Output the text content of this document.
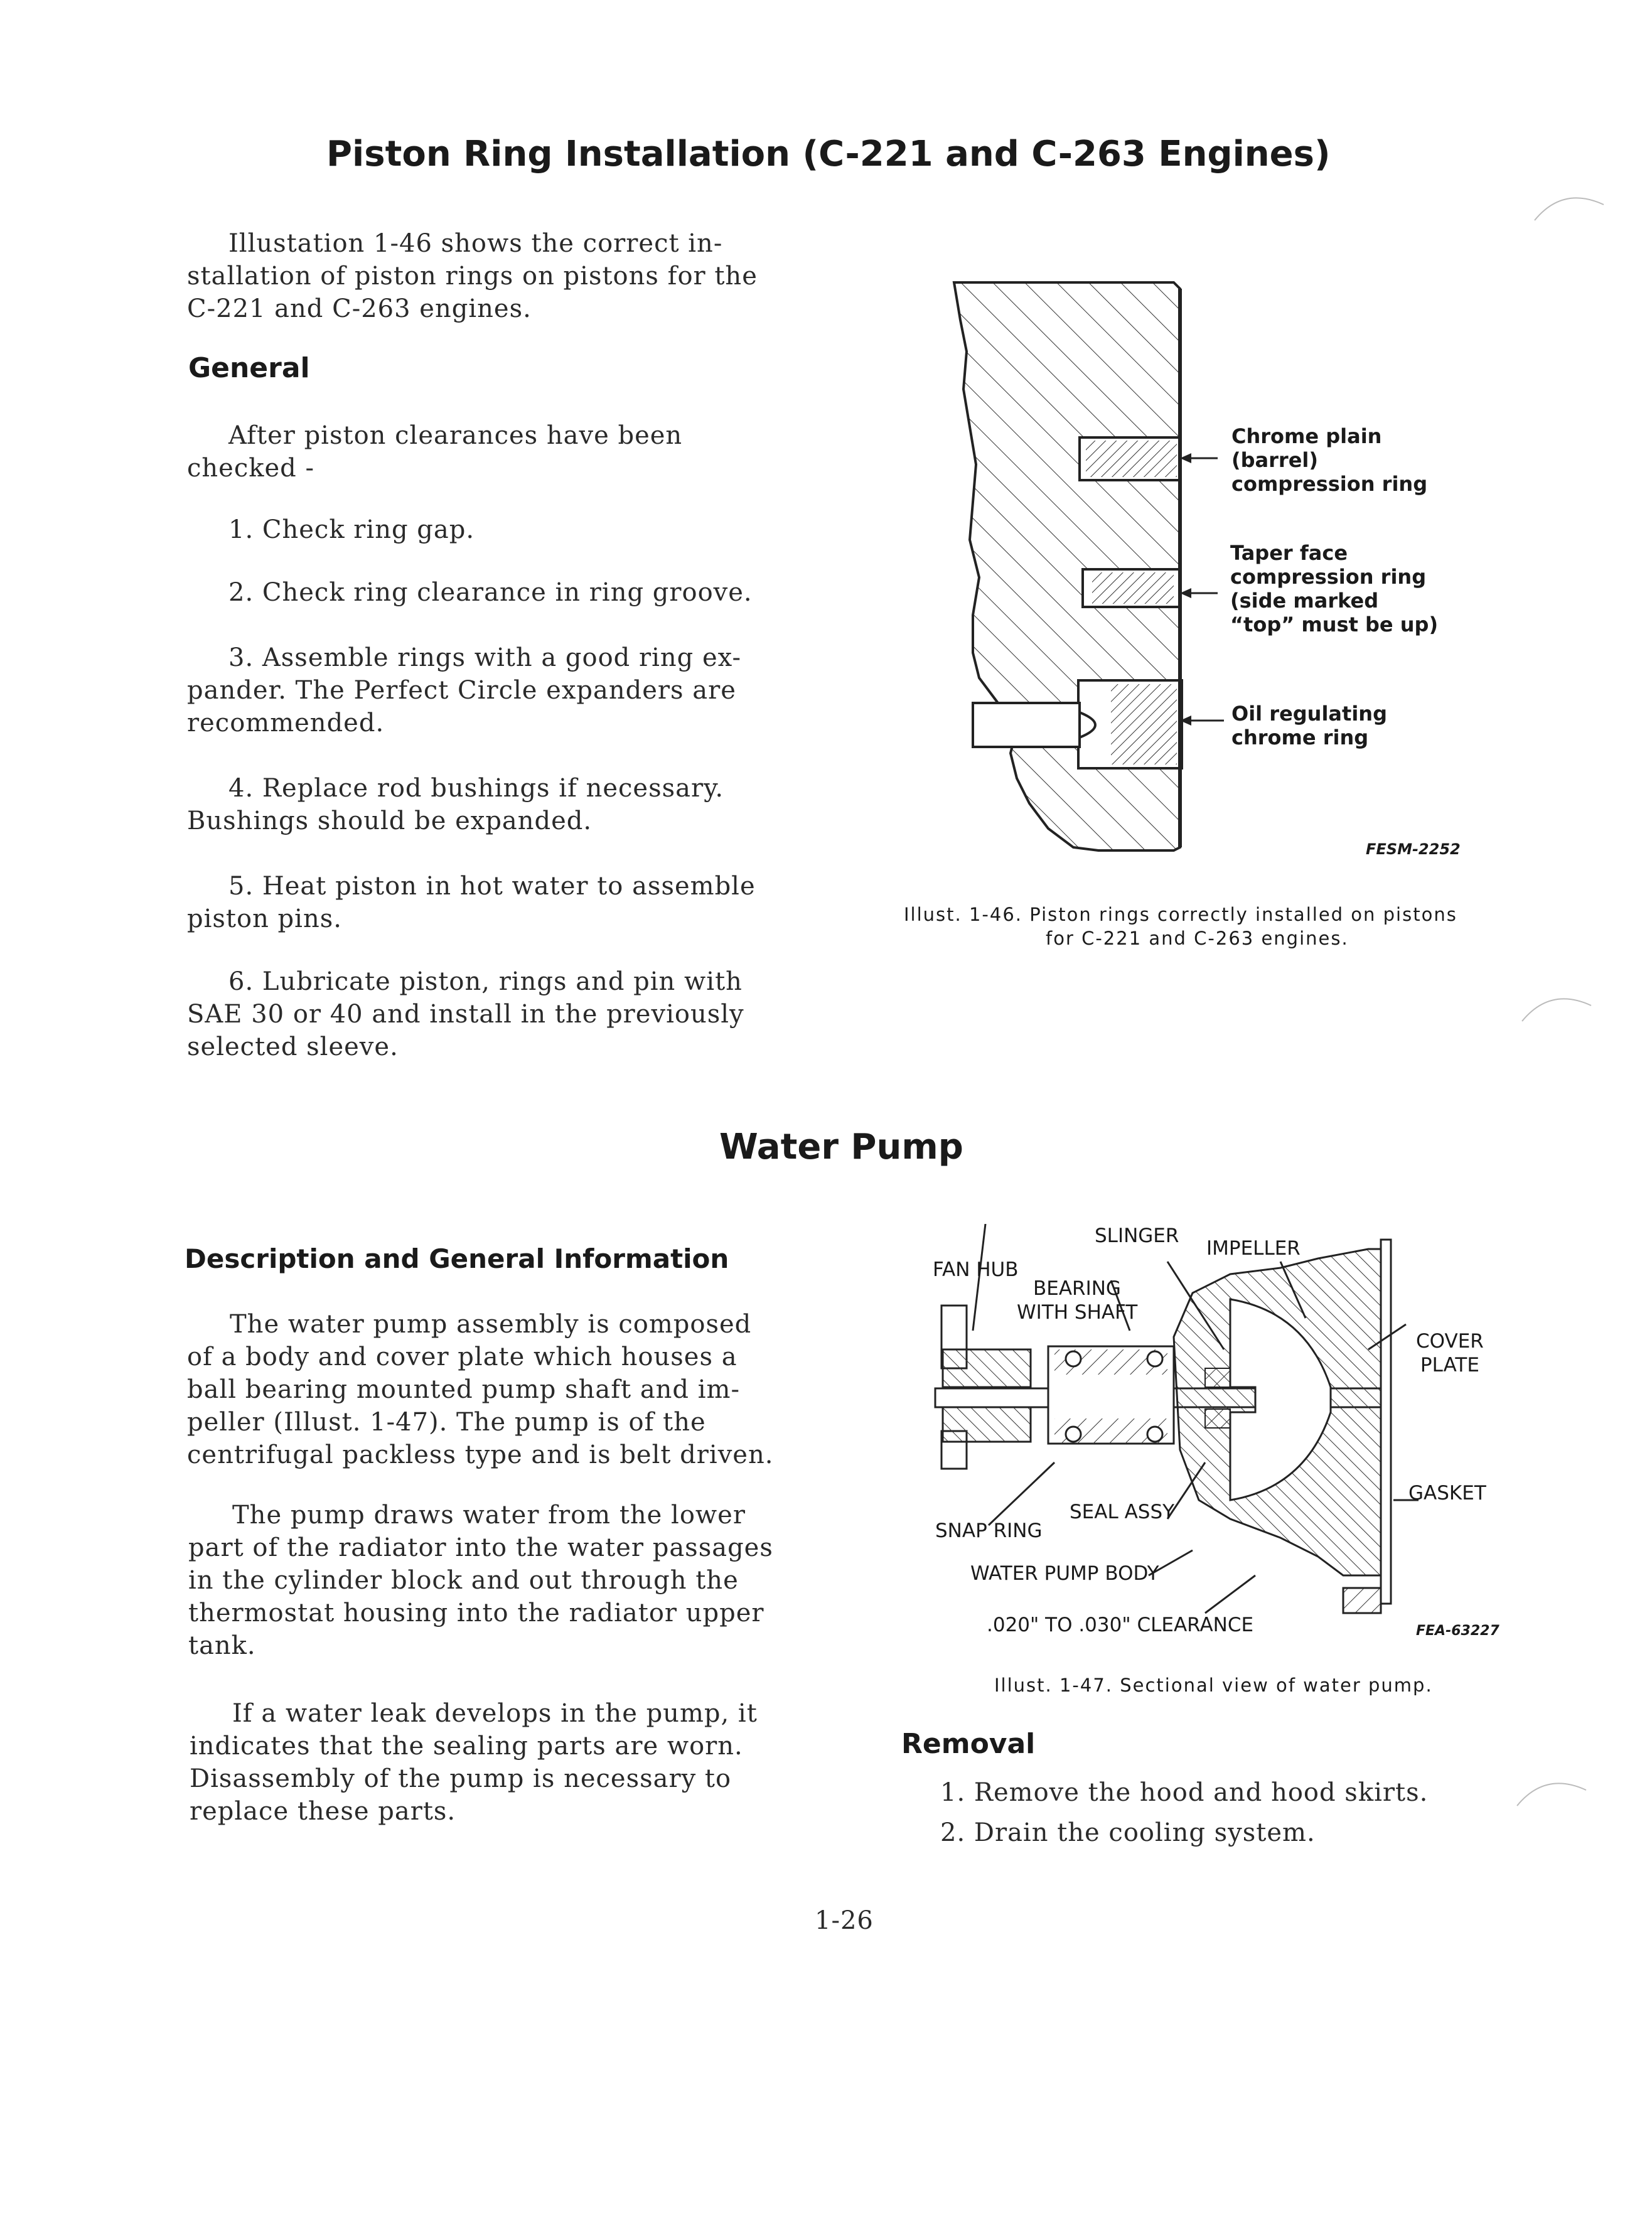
Piston Ring Installation (C-221 and C-263 Engines)

Illustation 1-46 shows the correct in-

stallation of piston rings on pistons for the

C-221 and C-263 engines.

General

After piston clearances have been

checked -

1. Check ring gap.
2. Check ring clearance in ring groove.

3. Assemble rings with a good ring ex-

pander. The Perfect Circle expanders are

recommended.

4. Replace rod bushings if necessary.

Bushings should be expanded.

5. Heat piston in hot water to assemble

piston pins.

6. Lubricate piston, rings and pin with

SAE 30 or 40 and install in the previously

selected sleeve.

Chrome plain
(barrel)
compression ring
Taper face
compression ring
(side marked
“top” must be up)
Oil regulating
chrome ring
FESM-2252
Illust. 1-46. Piston rings correctly installed on pistons
for C-221 and C-263 engines.
Water Pump
Description and General Information

The water pump assembly is composed

of a body and cover plate which houses a

ball bearing mounted pump shaft and im-

peller (Illust. 1-47). The pump is of the

centrifugal packless type and is belt driven.

The pump draws water from the lower

part of the radiator into the water passages

in the cylinder block and out through the

thermostat housing into the radiator upper

tank.

If a water leak develops in the pump, it

indicates that the sealing parts are worn.

Disassembly of the pump is necessary to

replace these parts.

SLINGER
IMPELLER
FAN HUB
BEARING
WITH SHAFT
COVER
PLATE
GASKET
SEAL ASSY
SNAP RING
WATER PUMP BODY
.020" TO .030" CLEARANCE	FEA-63227
Illust. 1-47. Sectional view of water pump.
Removal
1. Remove the hood and hood skirts.
2. Drain the cooling system.
1-26
